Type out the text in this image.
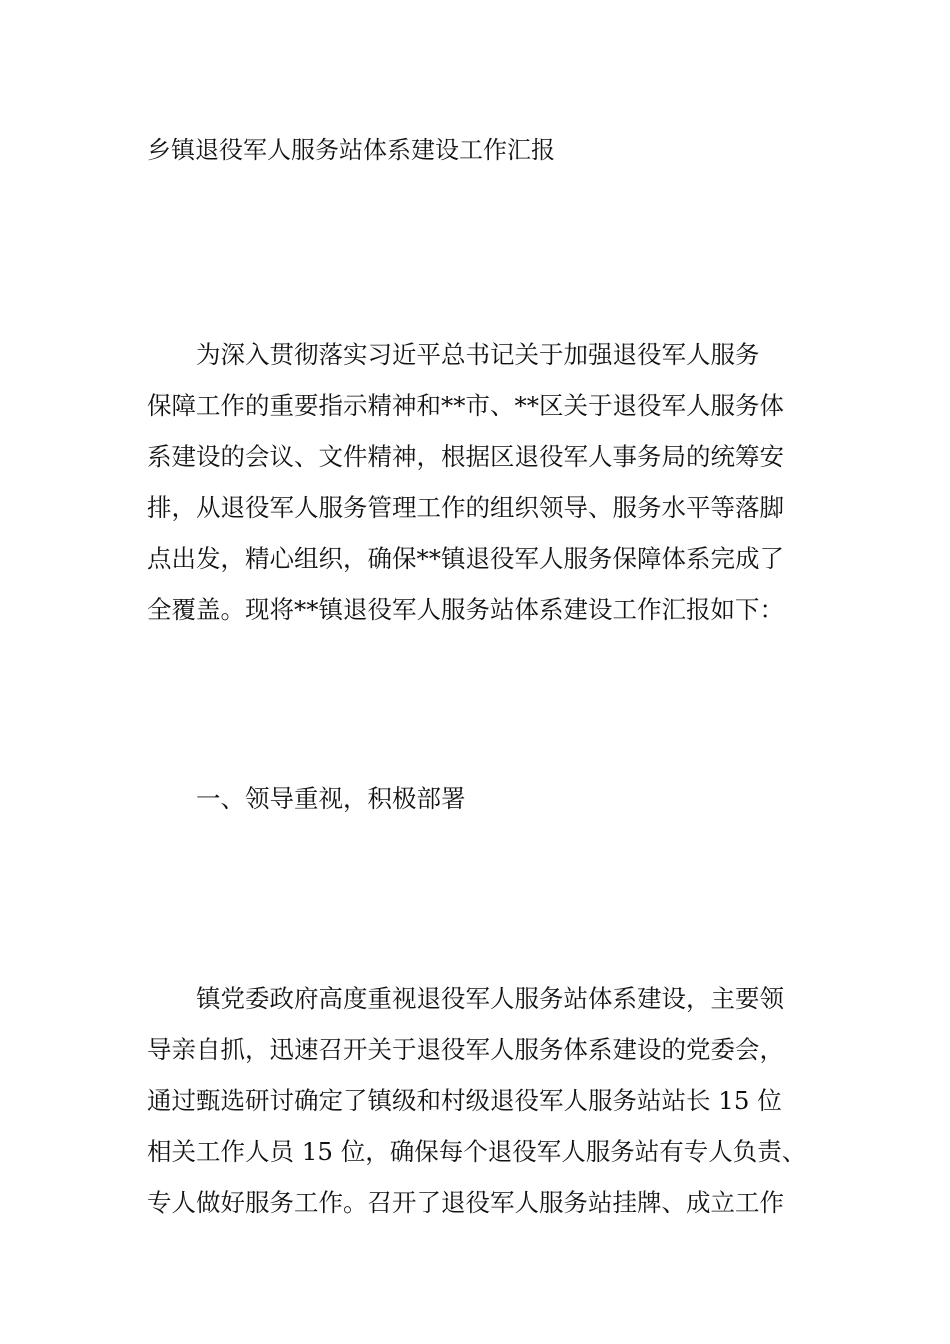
乡镇退役军人服务站体系建设工作汇报
为深入贯彻落实习近平总书记关于加强退役军人服务
保障工作的重要指示精神和**市、**区关于退役军人服务体
系建设的会议、文件精神，根据区退役军人事务局的统筹安
排，从退役军人服务管理工作的组织领导、服务水平等落脚
点出发，精心组织，确保**镇退役军人服务保障体系完成了
全覆盖。现将**镇退役军人服务站体系建设工作汇报如下：
一、领导重视，积极部署
镇党委政府高度重视退役军人服务站体系建设，主要领
导亲自抓，迅速召开关于退役军人服务体系建设的党委会，
通过甄选研讨确定了镇级和村级退役军人服务站站长 15 位
相关工作人员 15 位，确保每个退役军人服务站有专人负责、
专人做好服务工作。召开了退役军人服务站挂牌、成立工作
